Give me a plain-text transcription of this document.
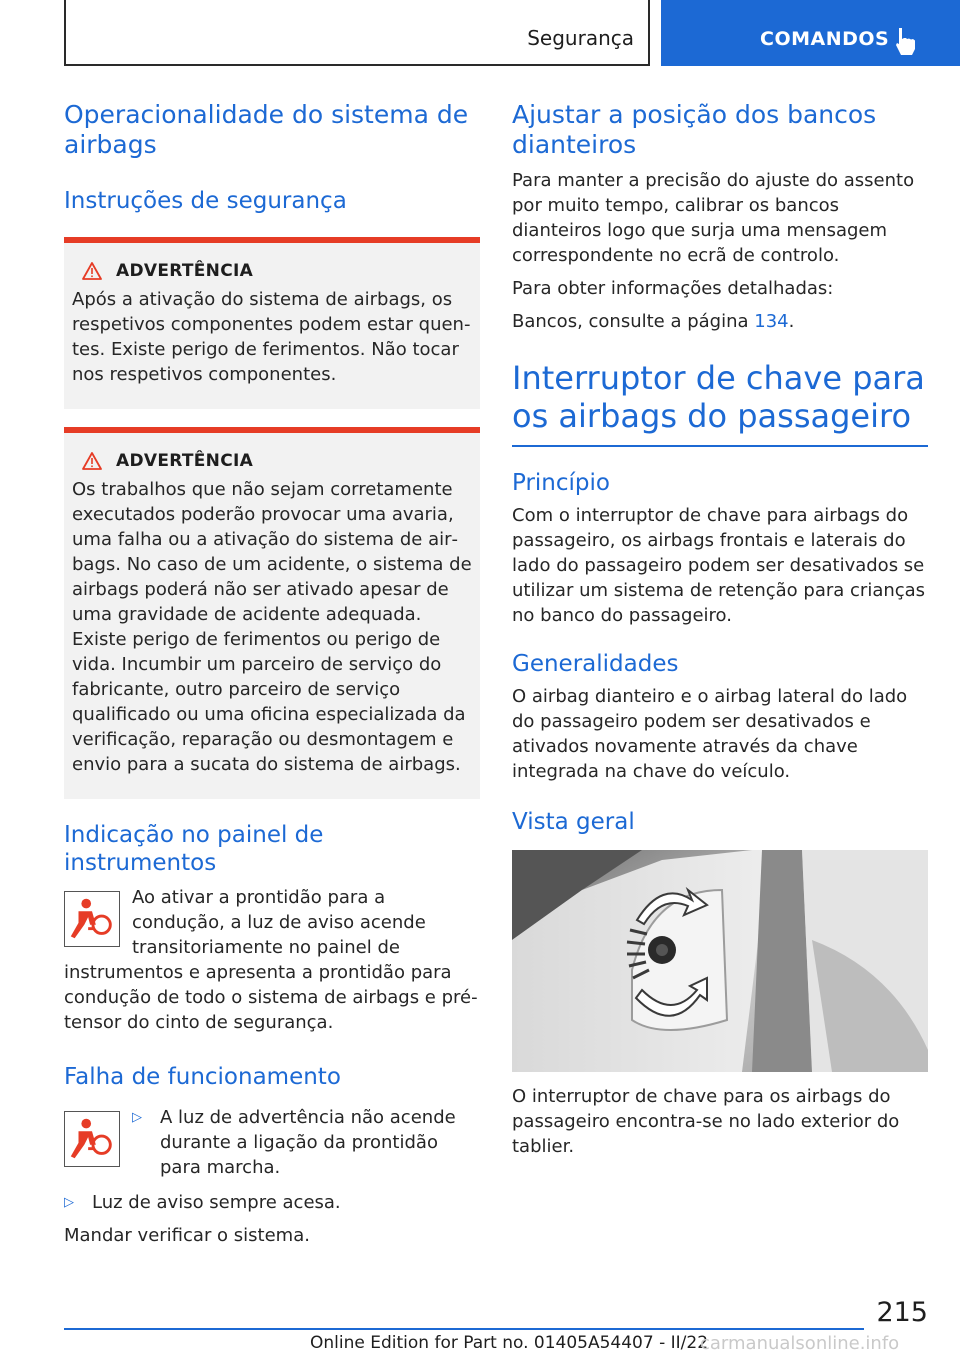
Segurança	COMANDOS
Operacionalidade do sistema de airbags
Instruções de segurança
ADVERTÊNCIA
Após a ativação do sistema de airbags, os respetivos componentes podem estar quentes. Existe perigo de ferimentos. Não tocar nos respetivos componentes.
ADVERTÊNCIA
Os trabalhos que não sejam corretamente executados poderão provocar uma avaria, uma falha ou a ativação do sistema de airbags. No caso de um acidente, o sistema de airbags poderá não ser ativado apesar de uma gravidade de acidente adequada. Existe perigo de ferimentos ou perigo de vida. Incumbir um parceiro de serviço do fabricante, outro parceiro de serviço qualificado ou uma oficina especializada da verificação, reparação ou desmontagem e envio para a sucata do sistema de airbags.
Indicação no painel de instrumentos

Ao ativar a prontidão para a condução, a luz de aviso acende transitoriamente no painel de instrumentos e apresenta a prontidão para condução de todo o sistema de airbags e pré-tensor do cinto de segurança.

Falha de funcionamento
▷ A luz de advertência não acende durante a ligação da prontidão para marcha.
▷ Luz de aviso sempre acesa.

Mandar verificar o sistema.

Ajustar a posição dos bancos dianteiros

Para manter a precisão do ajuste do assento por muito tempo, calibrar os bancos dianteiros logo que surja uma mensagem correspondente no ecrã de controlo.

Para obter informações detalhadas:

Bancos, consulte a página 134.

Interruptor de chave para os airbags do passageiro
Princípio

Com o interruptor de chave para airbags do passageiro, os airbags frontais e laterais do lado do passageiro podem ser desativados se utilizar um sistema de retenção para crianças no banco do passageiro.

Generalidades

O airbag dianteiro e o airbag lateral do lado do passageiro podem ser desativados e ativados novamente através da chave integrada na chave do veículo.

Vista geral

O interruptor de chave para os airbags do passageiro encontra-se no lado exterior do tablier.

215
Online Edition for Part no. 01405A54407 - II/22
carmanualsonline.info
